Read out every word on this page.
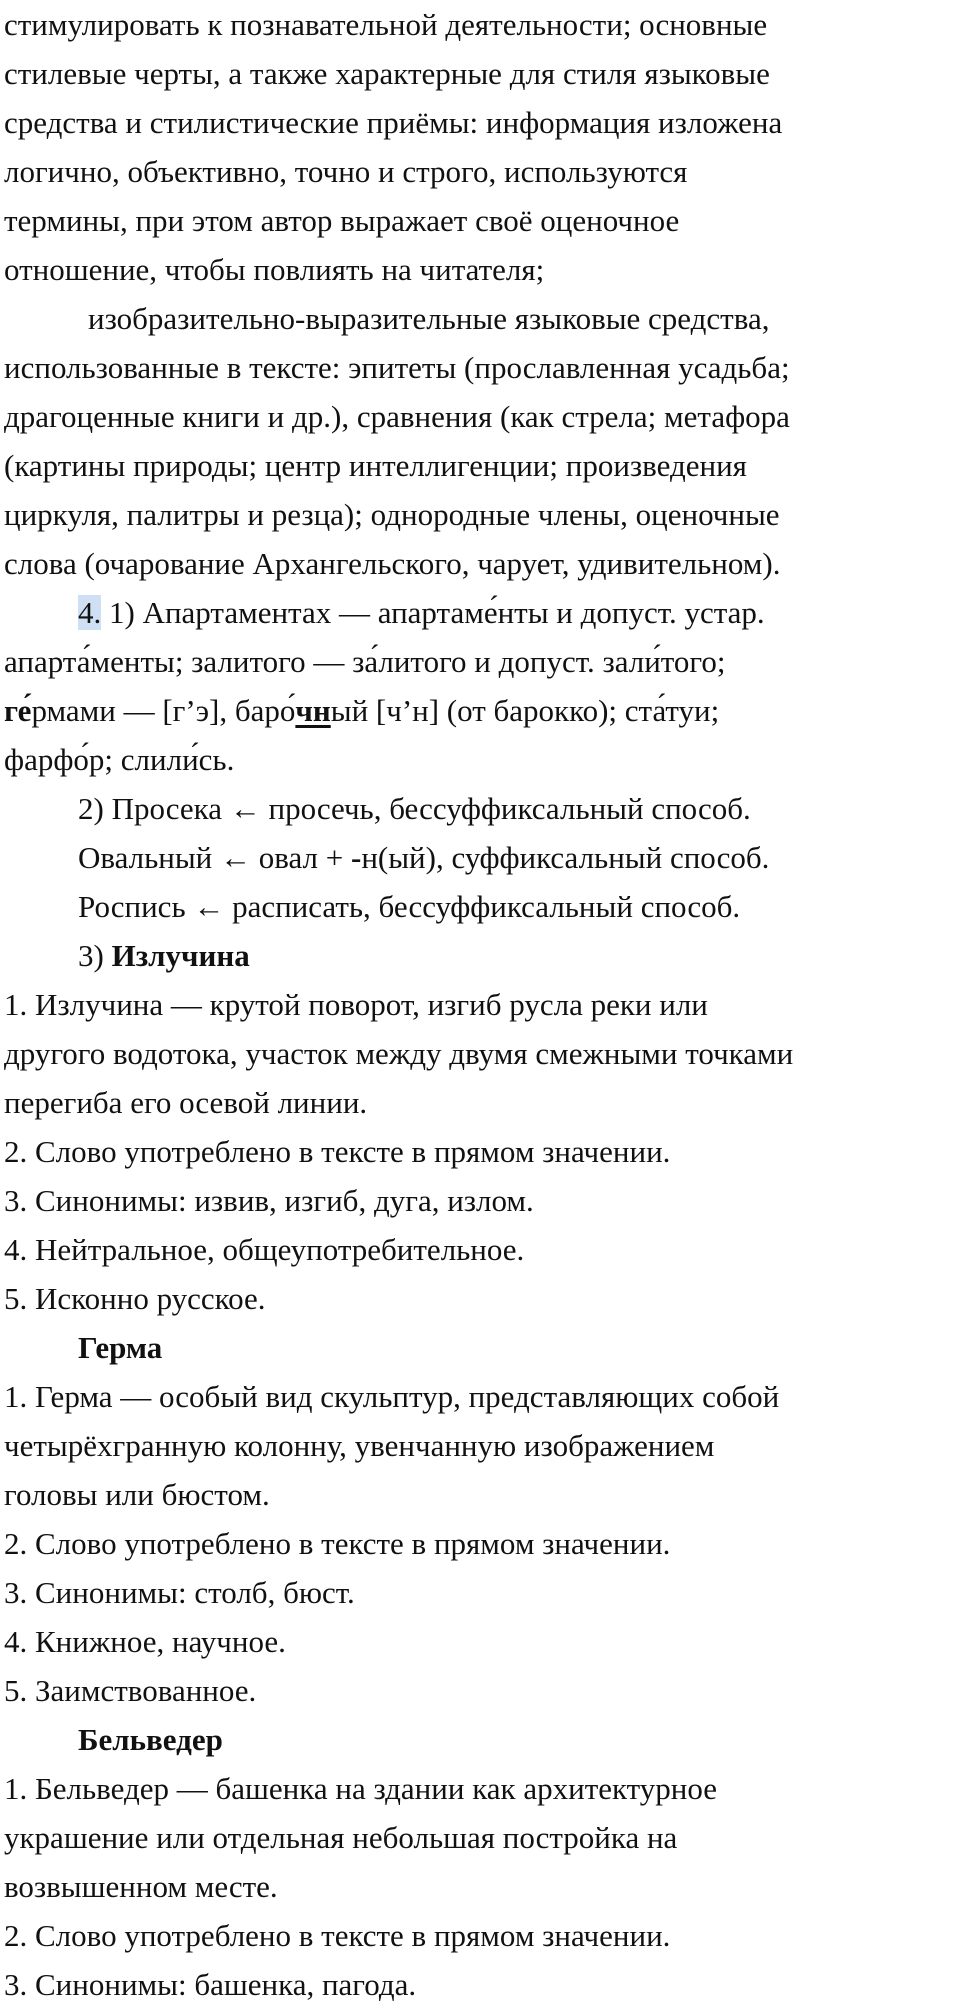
стимулировать к познавательной деятельности; основные
стилевые черты, а также характерные для стиля языковые
средства и стилистические приёмы: информация изложена
логично, объективно, точно и строго, используются
термины, при этом автор выражает своё оценочное
отношение, чтобы повлиять на читателя;
изобразительно-выразительные языковые средства,
использованные в тексте: эпитеты (прославленная усадьба;
драгоценные книги и др.), сравнения (как стрела; метафора
(картины природы; центр интеллигенции; произведения
циркуля, палитры и резца); однородные члены, оценочные
слова (очарование Архангельского, чарует, удивительном).
4. 1) Апартаментах — апартаме́нты и допуст. устар.
апарта́менты; залитого — за́литого и допуст. зали́того;
ге́рмами — [г’э], баро́чный [ч’н] (от барокко); ста́туи;
фарфо́р; слили́сь.
2) Просека ← просечь, бессуффиксальный способ.
Овальный ← овал + -н(ый), суффиксальный способ.
Роспись ← расписать, бессуффиксальный способ.
3) Излучина
1. Излучина — крутой поворот, изгиб русла реки или
другого водотока, участок между двумя смежными точками
перегиба его осевой линии.
2. Слово употреблено в тексте в прямом значении.
3. Синонимы: извив, изгиб, дуга, излом.
4. Нейтральное, общеупотребительное.
5. Исконно русское.
Герма
1. Герма — особый вид скульптур, представляющих собой
четырёхгранную колонну, увенчанную изображением
головы или бюстом.
2. Слово употреблено в тексте в прямом значении.
3. Синонимы: столб, бюст.
4. Книжное, научное.
5. Заимствованное.
Бельведер
1. Бельведер — башенка на здании как архитектурное
украшение или отдельная небольшая постройка на
возвышенном месте.
2. Слово употреблено в тексте в прямом значении.
3. Синонимы: башенка, пагода.
